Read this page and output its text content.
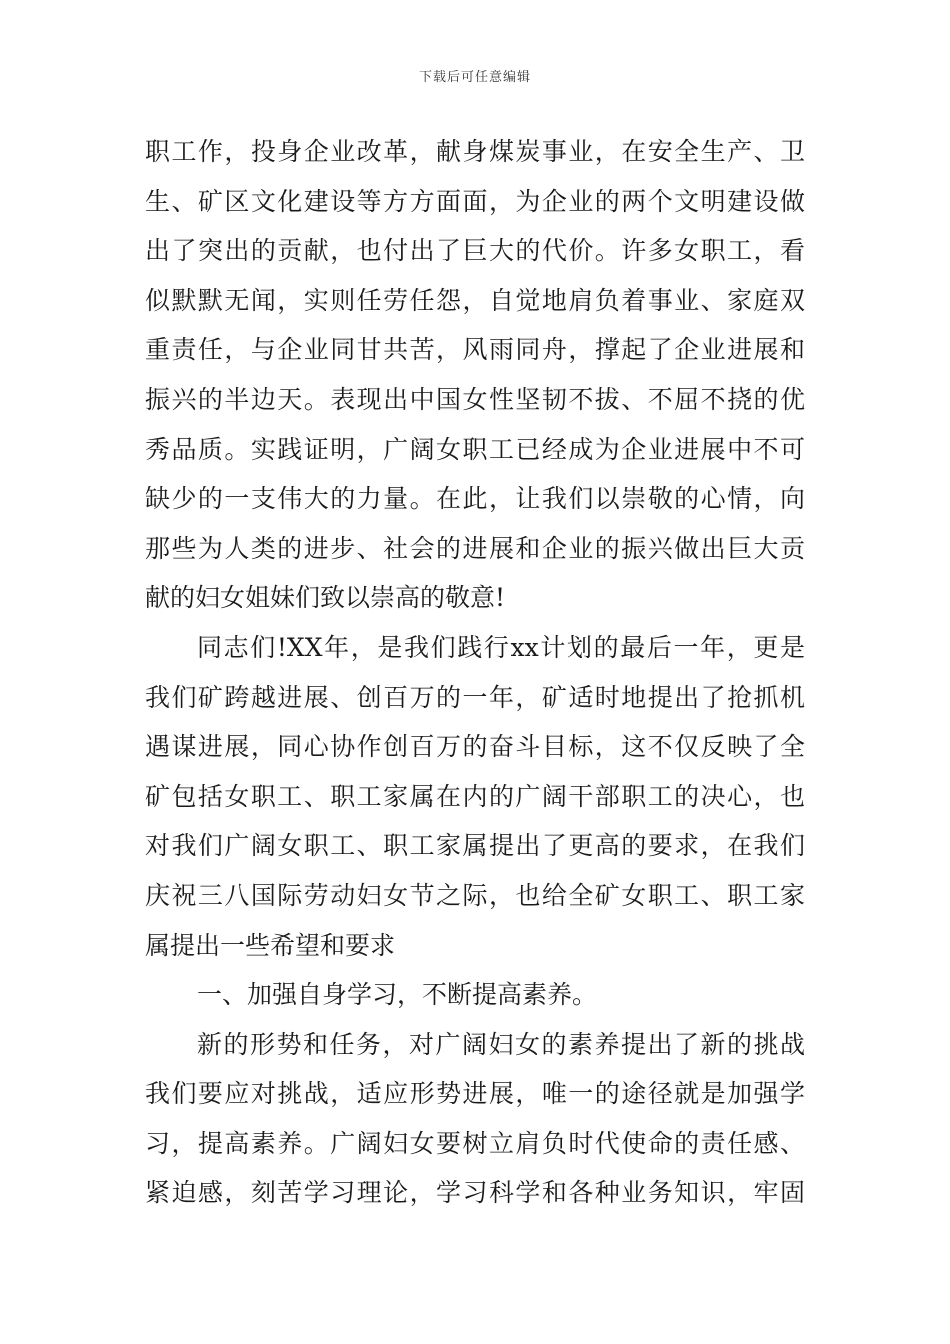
下载后可任意编辑
职工作，投身企业改革，献身煤炭事业，在安全生产、卫
生、矿区文化建设等方方面面，为企业的两个文明建设做
出了突出的贡献，也付出了巨大的代价。许多女职工，看
似默默无闻，实则任劳任怨，自觉地肩负着事业、家庭双
重责任，与企业同甘共苦，风雨同舟，撑起了企业进展和
振兴的半边天。表现出中国女性坚韧不拔、不屈不挠的优
秀品质。实践证明，广阔女职工已经成为企业进展中不可
缺少的一支伟大的力量。在此，让我们以崇敬的心情，向
那些为人类的进步、社会的进展和企业的振兴做出巨大贡
献的妇女姐妹们致以崇高的敬意!
同志们!XX年，是我们践行xx计划的最后一年，更是
我们矿跨越进展、创百万的一年，矿适时地提出了抢抓机
遇谋进展，同心协作创百万的奋斗目标，这不仅反映了全
矿包括女职工、职工家属在内的广阔干部职工的决心，也
对我们广阔女职工、职工家属提出了更高的要求，在我们
庆祝三八国际劳动妇女节之际，也给全矿女职工、职工家
属提出一些希望和要求
一、加强自身学习，不断提高素养。
新的形势和任务，对广阔妇女的素养提出了新的挑战
我们要应对挑战，适应形势进展，唯一的途径就是加强学
习，提高素养。广阔妇女要树立肩负时代使命的责任感、
紧迫感，刻苦学习理论，学习科学和各种业务知识，牢固
